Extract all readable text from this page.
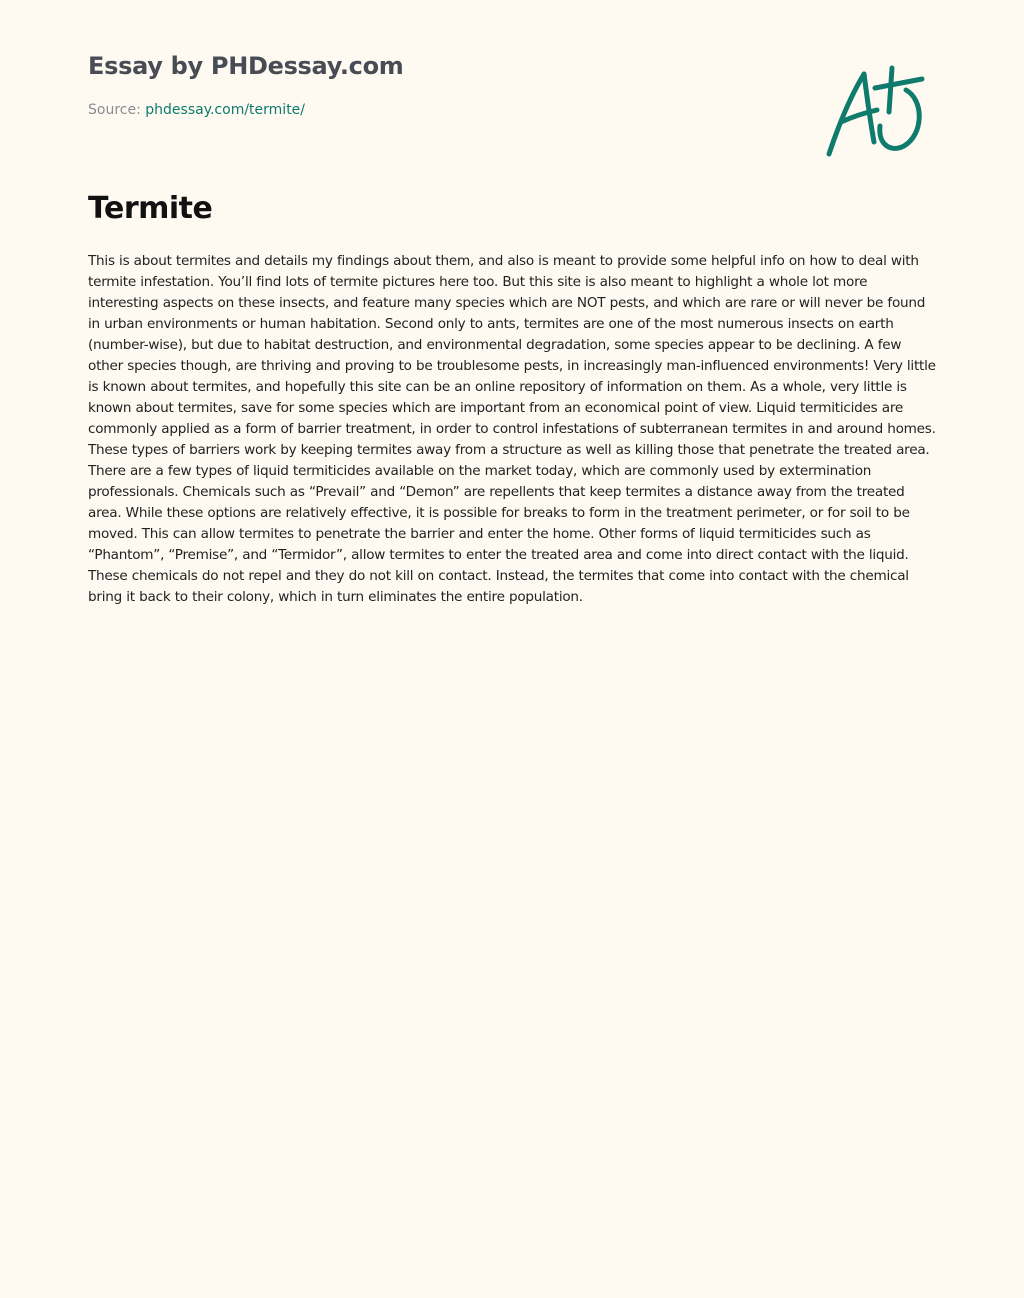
Essay by PHDessay.com
Source: phdessay.com/termite/
Termite

This is about termites and details my findings about them, and also is meant to provide some helpful info on how to deal with termite infestation. You’ll find lots of termite pictures here too. But this site is also meant to highlight a whole lot more interesting aspects on these insects, and feature many species which are NOT pests, and which are rare or will never be found in urban environments or human habitation. Second only to ants, termites are one of the most numerous insects on earth (number-wise), but due to habitat destruction, and environmental degradation, some species appear to be declining. A few other species though, are thriving and proving to be troublesome pests, in increasingly man-influenced environments! Very little is known about termites, and hopefully this site can be an online repository of information on them. As a whole, very little is known about termites, save for some species which are important from an economical point of view. Liquid termiticides are commonly applied as a form of barrier treatment, in order to control infestations of subterranean termites in and around homes. These types of barriers work by keeping termites away from a structure as well as killing those that penetrate the treated area. There are a few types of liquid termiticides available on the market today, which are commonly used by extermination professionals. Chemicals such as “Prevail” and “Demon” are repellents that keep termites a distance away from the treated area. While these options are relatively effective, it is possible for breaks to form in the treatment perimeter, or for soil to be moved. This can allow termites to penetrate the barrier and enter the home. Other forms of liquid termiticides such as “Phantom”, “Premise”, and “Termidor”, allow termites to enter the treated area and come into direct contact with the liquid. These chemicals do not repel and they do not kill on contact. Instead, the termites that come into contact with the chemical bring it back to their colony, which in turn eliminates the entire population.
